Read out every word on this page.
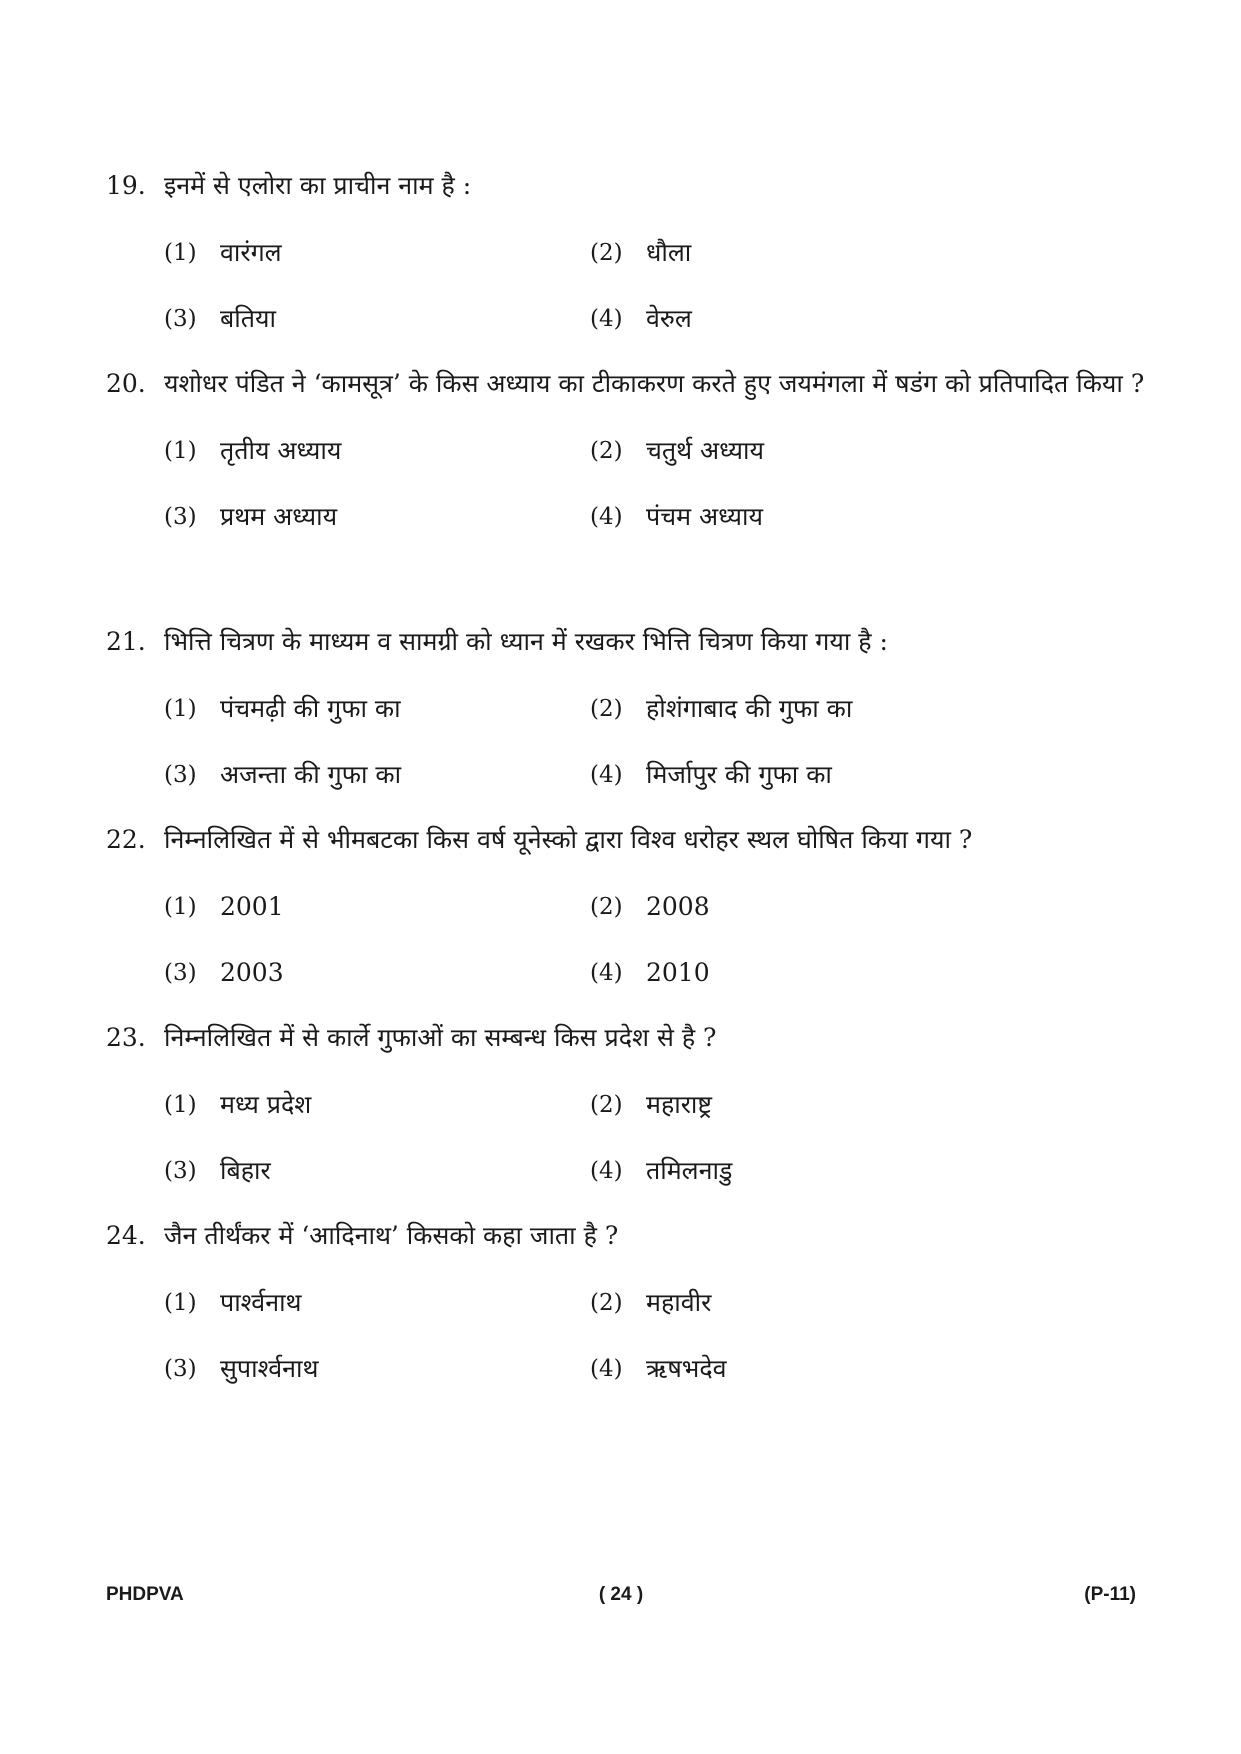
19. इनमें से एलोरा का प्राचीन नाम है :
(1) वारंगल	(2) धौला
(3) बतिया	(4) वेरुल
20. यशोधर पंडित ने ‘कामसूत्र’ के किस अध्याय का टीकाकरण करते हुए जयमंगला में षडंग को प्रतिपादित किया ?
(1) तृतीय अध्याय	(2) चतुर्थ अध्याय
(3) प्रथम अध्याय	(4) पंचम अध्याय
21. भित्ति चित्रण के माध्यम व सामग्री को ध्यान में रखकर भित्ति चित्रण किया गया है :
(1) पंचमढ़ी की गुफा का	(2) होशंगाबाद की गुफा का
(3) अजन्ता की गुफा का	(4) मिर्जापुर की गुफा का
22. निम्नलिखित में से भीमबटका किस वर्ष यूनेस्को द्वारा विश्व धरोहर स्थल घोषित किया गया ?
(1) 2001	(2) 2008
(3) 2003	(4) 2010
23. निम्नलिखित में से कार्ले गुफाओं का सम्बन्ध किस प्रदेश से है ?
(1) मध्य प्रदेश	(2) महाराष्ट्र
(3) बिहार	(4) तमिलनाडु
24. जैन तीर्थंकर में ‘आदिनाथ’ किसको कहा जाता है ?
(1) पार्श्वनाथ	(2) महावीर
(3) सुपार्श्वनाथ	(4) ऋषभदेव
PHDPVA	( 24 )	(P-11)
